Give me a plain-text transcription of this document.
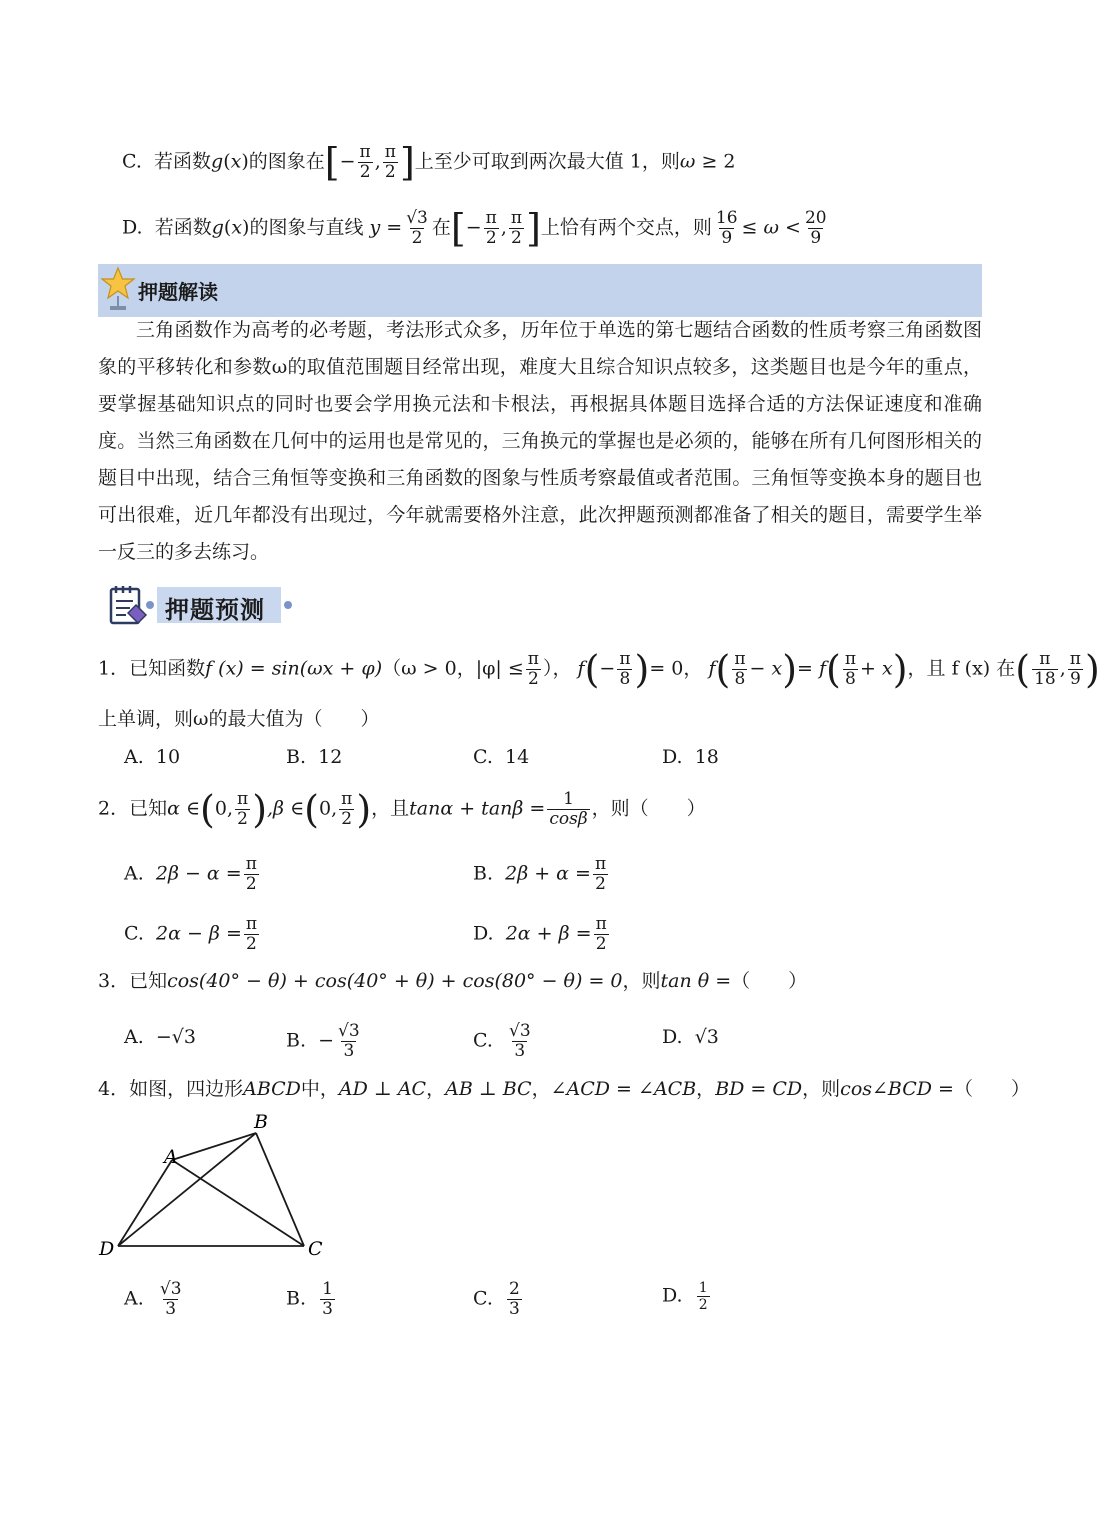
C. 若函数g(x)的图象在[− $\frac{\pi}{2}$ , $\frac{\pi}{2}$ ]上至少可取到两次最大值 1，则ω ≥ 2
D. 若函数g(x)的图象与直线 $y = \frac{√3}{2}$ 在[− $\frac{\pi}{2}$ , $\frac{\pi}{2}$ ]上恰有两个交点，则 $\frac{16}{9} \le \omega < \frac{20}{9}$
押题解读
三角函数作为高考的必考题，考法形式众多，历年位于单选的第七题结合函数的性质考察三角函数图象的平移转化和参数ω的取值范围题目经常出现，难度大且综合知识点较多，这类题目也是今年的重点，要掌握基础知识点的同时也要会学用换元法和卡根法，再根据具体题目选择合适的方法保证速度和准确度。当然三角函数在几何中的运用也是常见的，三角换元的掌握也是必须的，能够在所有几何图形相关的题目中出现，结合三角恒等变换和三角函数的图象与性质考察最值或者范围。三角恒等变换本身的题目也可出很难，近几年都没有出现过，今年就需要格外注意，此次押题预测都准备了相关的题目，需要学生举一反三的多去练习。
押题预测
1．已知函数f (x) = sin(ωx + φ)（ω > 0，$|\varphi| \le \frac{\pi}{2}$ ）， $f(- \frac{\pi}{8}$ )= 0， $f( \frac{\pi}{8} - x)= f( \frac{\pi}{8} + x)$，且 f (x) 在( $\frac{\pi}{18}$ , $\frac{\pi}{9}$ )
上单调，则ω的最大值为（　　）
A. 10	B. 12	C. 14	D. 18
2．已知α ∈(0, $\frac{\pi}{2} ),\beta$ ∈(0, $\frac{\pi}{2}$ )，且$\tan\alpha + \tan\beta = \frac{1}{\cos\beta}$ ，则（　　）
A. $2\beta - \alpha = \frac{\pi}{2}$	B. $2\beta + \alpha = \frac{\pi}{2}$
C. $2\alpha - \beta = \frac{\pi}{2}$	D. $2\alpha + \beta = \frac{\pi}{2}$
3．已知cos(40° − θ) + cos(40° + θ) + cos(80° − θ) = 0，则tan θ =（　　）
A. −√3	B. − $\frac{√3}{3}$	C. $\frac{√3}{3}$	D. √3
4．如图，四边形ABCD中，AD ⊥ AC，AB ⊥ BC，∠ACD = ∠ACB，BD = CD，则cos∠BCD =（　　）
A
B
C
D
A. $\frac{√3}{3}$	B. $\frac{1}{3}$	C. $\frac{2}{3}$	D. $\frac{1}{2}$
